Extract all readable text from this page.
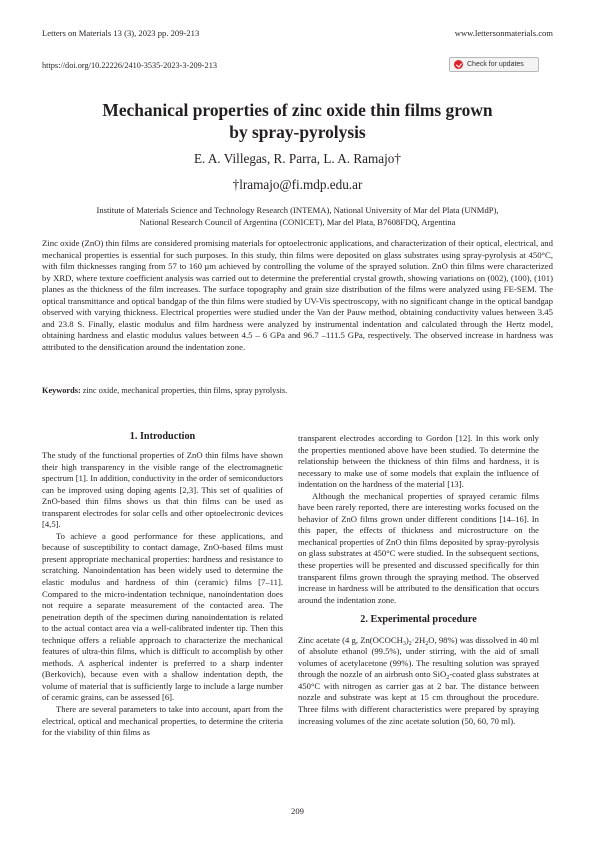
Letters on Materials 13 (3), 2023 pp. 209-213	www.lettersonmaterials.com
https://doi.org/10.22226/2410-3535-2023-3-209-213	Check for updates
Mechanical properties of zinc oxide thin films grown
by spray-pyrolysis
E. A. Villegas, R. Parra, L. A. Ramajo†
†lramajo@fi.mdp.edu.ar
Institute of Materials Science and Technology Research (INTEMA), National University of Mar del Plata (UNMdP),
National Research Council of Argentina (CONICET), Mar del Plata, B7608FDQ, Argentina
Zinc oxide (ZnO) thin films are considered promising materials for optoelectronic applications, and characterization of their optical, electrical, and mechanical properties is essential for such purposes. In this study, thin films were deposited on glass substrates using spray-pyrolysis at 450°C, with film thicknesses ranging from 57 to 160 μm achieved by controlling the volume of the sprayed solution. ZnO thin films were characterized by XRD, where texture coefficient analysis was carried out to determine the preferential crystal growth, showing variations on (002), (100), (101) planes as the thickness of the film increases. The surface topography and grain size distribution of the films were analyzed using FE-SEM. The optical transmittance and optical bandgap of the thin films were studied by UV-Vis spectroscopy, with no significant change in the optical bandgap observed with varying thickness. Electrical properties were studied under the Van der Pauw method, obtaining conductivity values between 3.45 and 23.8 S. Finally, elastic modulus and film hardness were analyzed by instrumental indentation and calculated through the Hertz model, obtaining hardness and elastic modulus values between 4.5 – 6 GPa and 96.7 –111.5 GPa, respectively. The observed increase in hardness was attributed to the densification around the indentation zone.
Keywords: zinc oxide, mechanical properties, thin films, spray pyrolysis.
1. Introduction

The study of the functional properties of ZnO thin films have shown their high transparency in the visible range of the electromagnetic spectrum [1]. In addition, conductivity in the order of semiconductors can be improved using doping agents [2,3]. This set of qualities of ZnO-based thin films shows us that thin films can be used as transparent electrodes for solar cells and other optoelectronic devices [4,5].

To achieve a good performance for these applications, and because of susceptibility to contact damage, ZnO-based films must present appropriate mechanical properties: hardness and resistance to scratching. Nanoindentation has been widely used to determine the elastic modulus and hardness of thin (ceramic) films [7–11]. Compared to the micro-indentation technique, nanoindentation does not require a separate measurement of the contacted area. The penetration depth of the specimen during nanoindentation is related to the actual contact area via a well-calibrated indenter tip. Then this technique offers a reliable approach to characterize the mechanical features of ultra-thin films, which is difficult to accomplish by other methods. A aspherical indenter is preferred to a sharp indenter (Berkovich), because even with a shallow indentation depth, the volume of material that is sufficiently large to include a large number of ceramic grains, can be assessed [6].

There are several parameters to take into account, apart from the electrical, optical and mechanical properties, to determine the criteria for the viability of thin films as

transparent electrodes according to Gordon [12]. In this work only the properties mentioned above have been studied. To determine the relationship between the thickness of thin films and hardness, it is necessary to make use of some models that explain the influence of indentation on the hardness of the material [13].

Although the mechanical properties of sprayed ceramic films have been rarely reported, there are interesting works focused on the behavior of ZnO films grown under different conditions [14–16]. In this paper, the effects of thickness and microstructure on the mechanical properties of ZnO thin films deposited by spray-pyrolysis on glass substrates at 450°C were studied. In the subsequent sections, these properties will be presented and discussed specifically for thin transparent films grown through the spraying method. The observed increase in hardness will be attributed to the densification that occurs around the indentation zone.

2. Experimental procedure

Zinc acetate (4 g, $Zn(OCOCH_3)_2\cdot 2H_2O$, 98%) was dissolved in 40 ml of absolute ethanol (99.5%), under stirring, with the aid of small volumes of acetylacetone (99%). The resulting solution was sprayed through the nozzle of an airbrush onto SiO$_2$-coated glass substrates at 450°C with nitrogen as carrier gas at 2 bar. The distance between nozzle and substrate was kept at 15 cm throughout the procedure. Three films with different characteristics were prepared by spraying increasing volumes of the zinc acetate solution (50, 60, 70 ml).

209
